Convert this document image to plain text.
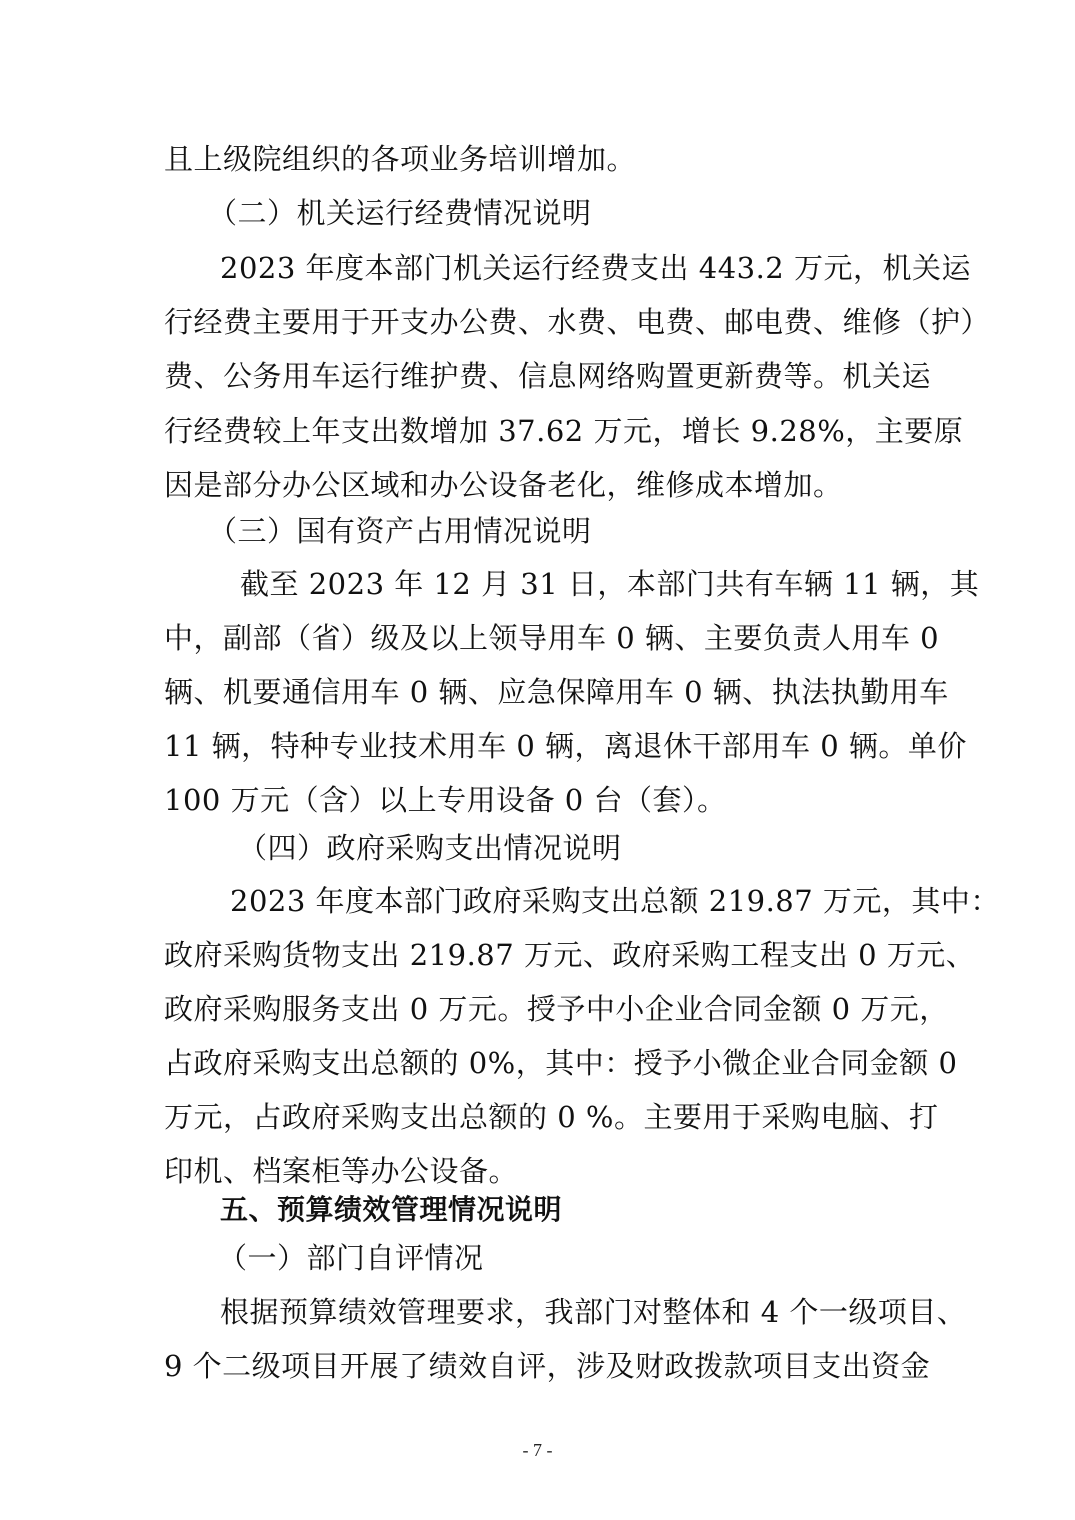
且上级院组织的各项业务培训增加。
（二）机关运行经费情况说明
2023 年度本部门机关运行经费支出 443.2 万元，机关运
行经费主要用于开支办公费、水费、电费、邮电费、维修（护）
费、公务用车运行维护费、信息网络购置更新费等。机关运
行经费较上年支出数增加 37.62 万元，增长 9.28%，主要原
因是部分办公区域和办公设备老化，维修成本增加。
（三）国有资产占用情况说明
截至 2023 年 12 月 31 日，本部门共有车辆 11 辆，其
中，副部（省）级及以上领导用车 0 辆、主要负责人用车 0
辆、机要通信用车 0 辆、应急保障用车 0 辆、执法执勤用车
11 辆，特种专业技术用车 0 辆，离退休干部用车 0 辆。单价
100 万元（含）以上专用设备 0 台（套）。
（四）政府采购支出情况说明
2023 年度本部门政府采购支出总额 219.87 万元，其中：
政府采购货物支出 219.87 万元、政府采购工程支出 0 万元、
政府采购服务支出 0 万元。授予中小企业合同金额 0 万元，
占政府采购支出总额的 0%，其中：授予小微企业合同金额 0
万元，占政府采购支出总额的 0 %。主要用于采购电脑、打
印机、档案柜等办公设备。
五、预算绩效管理情况说明
（一）部门自评情况
根据预算绩效管理要求，我部门对整体和 4 个一级项目、
9 个二级项目开展了绩效自评，涉及财政拨款项目支出资金
- 7 -
